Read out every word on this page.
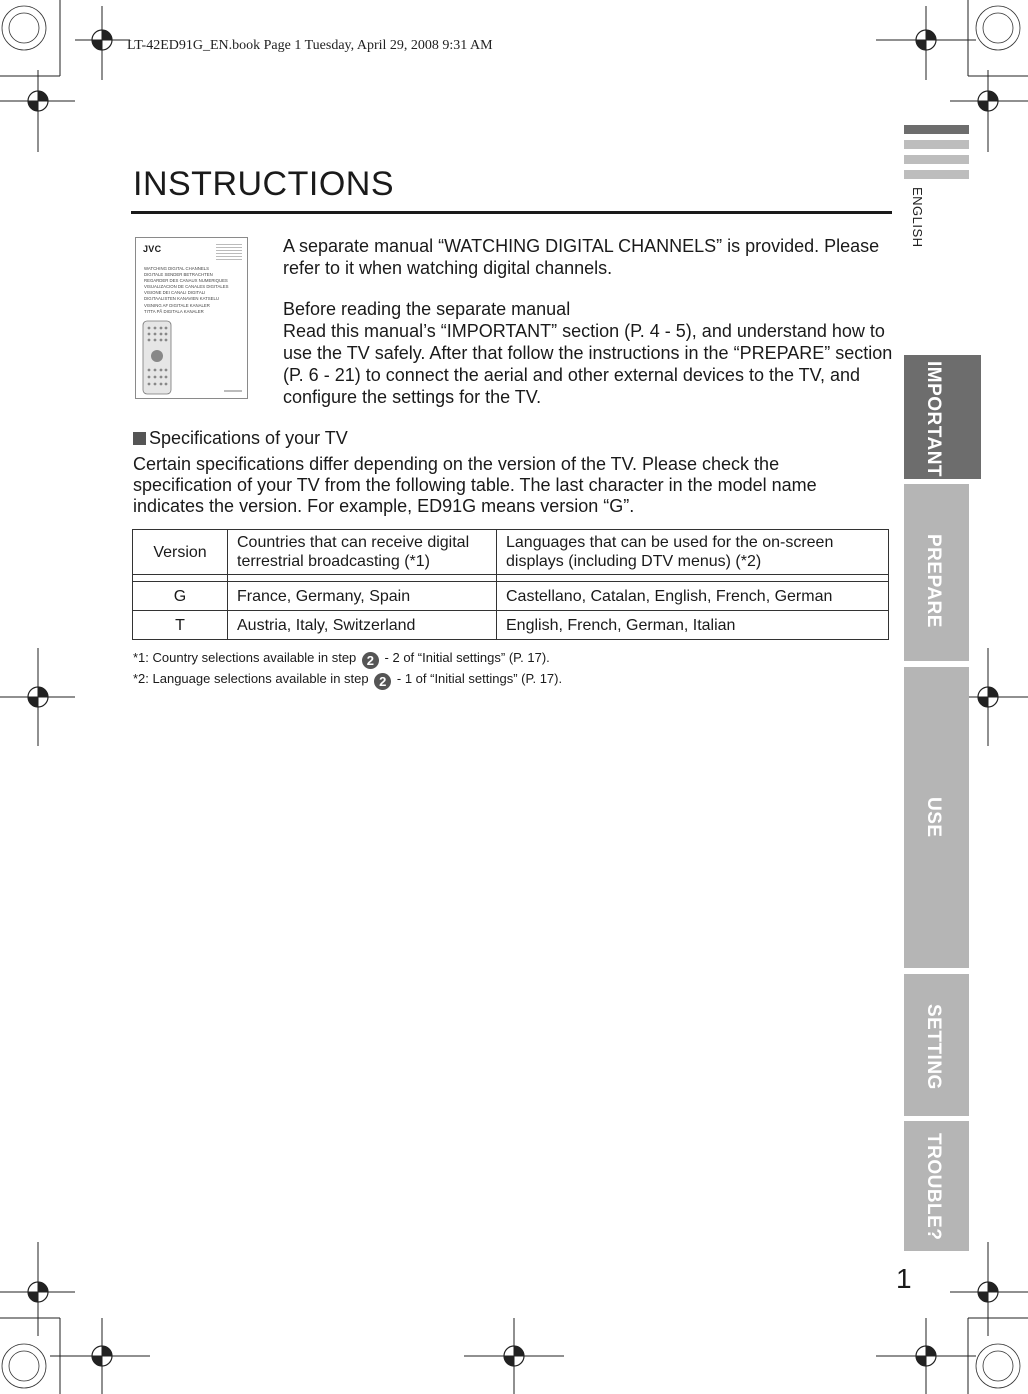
LT-42ED91G_EN.book Page 1 Tuesday, April 29, 2008 9:31 AM
INSTRUCTIONS
JVC
WATCHING DIGITAL CHANNELS
DIGITALE SENDER BETRACHTEN
REGARDER DES CANAUX NUMERIQUES
VISUALIZACION DE CANALES DIGITALES
VISIONE DEI CANALI DIGITALI
DIGITAALISTEN KANAVIEN KATSELU
VISNING AF DIGITALE KANALER
TITTA PÅ DIGITALA KANALER

A separate manual “WATCHING DIGITAL CHANNELS” is provided. Please refer to it when watching digital channels.

Before reading the separate manual

Read this manual’s “IMPORTANT” section (P. 4 - 5), and understand how to use the TV safely. After that follow the instructions in the “PREPARE” section (P. 6 - 21) to connect the aerial and other external devices to the TV, and configure the settings for the TV.

Specifications of your TV
Certain specifications differ depending on the version of the TV. Please check the specification of your TV from the following table. The last character in the model name indicates the version. For example, ED91G means version “G”.
Version	Countries that can receive digital terrestrial broadcasting (*1)	Languages that can be used for the on-screen displays (including DTV menus) (*2)

G	France, Germany, Spain	Castellano, Catalan, English, French, German
T	Austria, Italy, Switzerland	English, French, German, Italian
*1: Country selections available in step 2 - 2 of “Initial settings” (P. 17).
*2: Language selections available in step 2 - 1 of “Initial settings” (P. 17).
ENGLISH
IMPORTANT
PREPARE
USE
SETTING
TROUBLE?
1
